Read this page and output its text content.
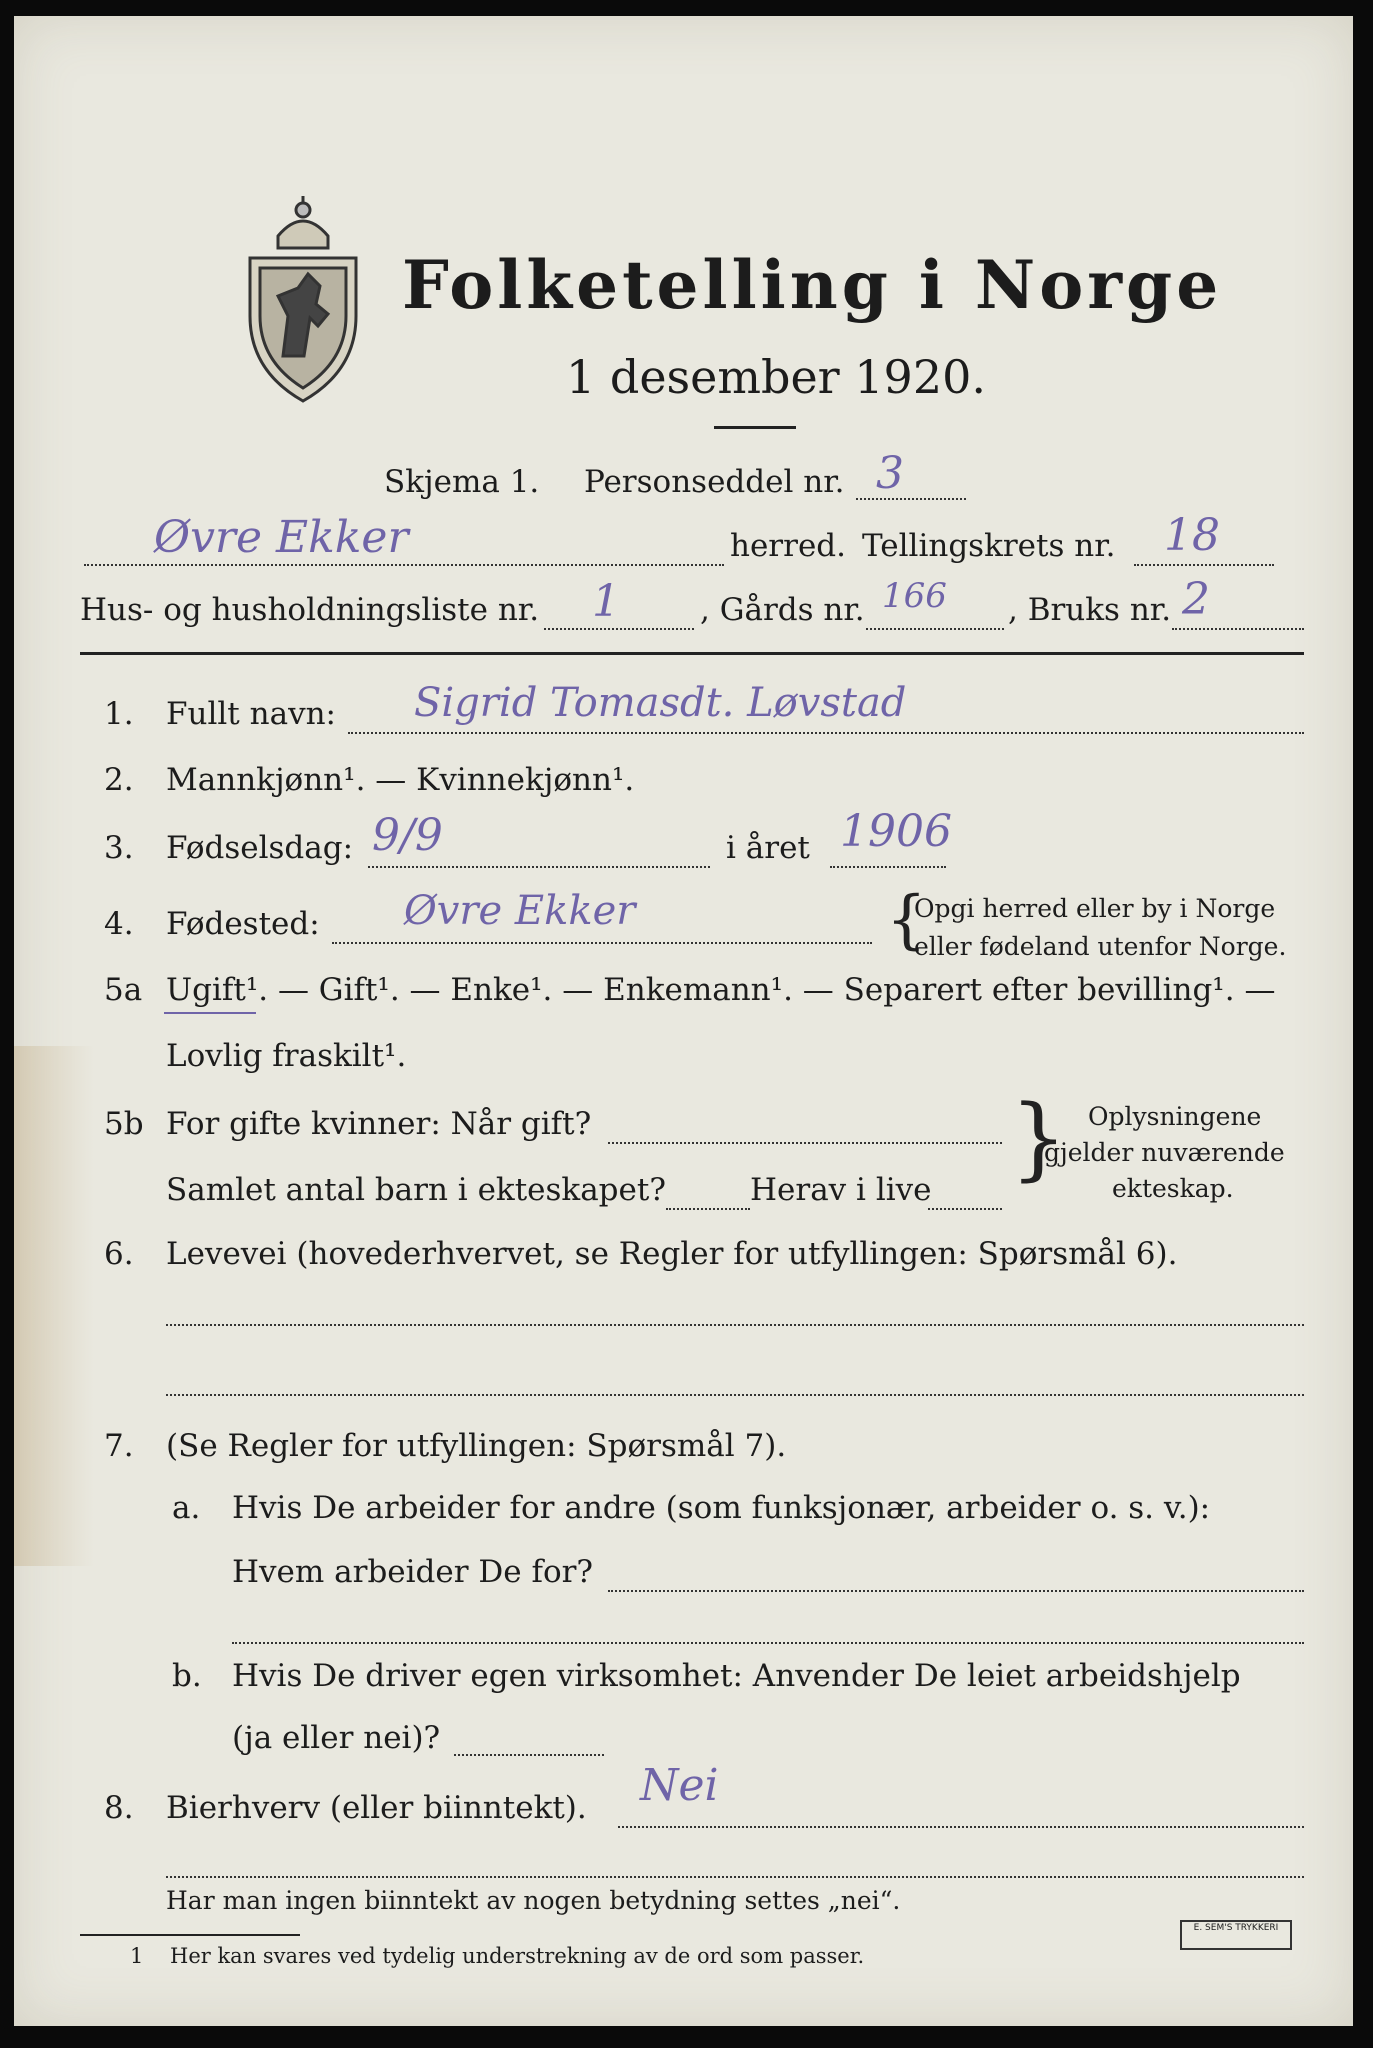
Folketelling i Norge
1 desember 1920.
Skjema 1. Personseddel nr. 3
Øvre Ekker	herred. Tellingskrets nr. 18
Hus- og husholdningsliste nr. 1	, Gårds nr. 166 , Bruks nr. 2
1. Fullt navn: Sigrid Tomasdt. Løvstad
2. Mannkjønn¹. — Kvinnekjønn¹.
3. Fødselsdag: 9/9	i året 1906
4. Fødested: Øvre Ekker	{
Opgi herred eller by i Norge
eller fødeland utenfor Norge.
5a Ugift¹. — Gift¹. — Enke¹. — Enkemann¹. — Separert efter bevilling¹. —
Lovlig fraskilt¹.
5b For gifte kvinner: Når gift?
Samlet antal barn i ekteskapet?	Herav i live } Oplysningene
gjelder nuværende
ekteskap.
6. Levevei (hovederhvervet, se Regler for utfyllingen: Spørsmål 6).
7. (Se Regler for utfyllingen: Spørsmål 7).
a. Hvis De arbeider for andre (som funksjonær, arbeider o. s. v.):
Hvem arbeider De for?
b. Hvis De driver egen virksomhet: Anvender De leiet arbeidshjelp
(ja eller nei)?
8. Bierhverv (eller biinntekt). Nei
Har man ingen biinntekt av nogen betydning settes „nei“.
1 Her kan svares ved tydelig understrekning av de ord som passer.
E. SEM'S TRYKKERI
